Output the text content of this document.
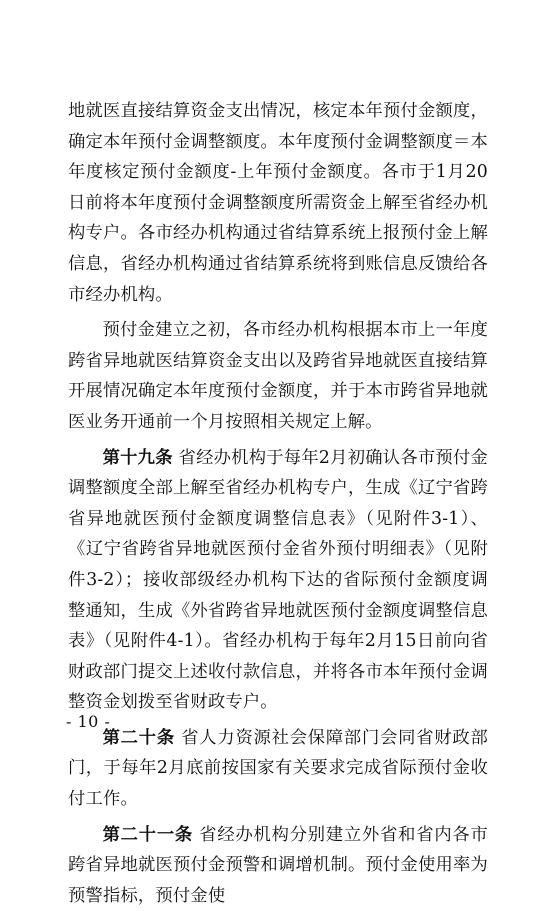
地就医直接结算资金支出情况，核定本年预付金额度，确定本年预付金调整额度。本年度预付金调整额度＝本年度核定预付金额度-上年预付金额度。各市于1月20日前将本年度预付金调整额度所需资金上解至省经办机构专户。各市经办机构通过省结算系统上报预付金上解信息，省经办机构通过省结算系统将到账信息反馈给各市经办机构。

预付金建立之初，各市经办机构根据本市上一年度跨省异地就医结算资金支出以及跨省异地就医直接结算开展情况确定本年度预付金额度，并于本市跨省异地就医业务开通前一个月按照相关规定上解。

第十九条 省经办机构于每年2月初确认各市预付金调整额度全部上解至省经办机构专户，生成《辽宁省跨省异地就医预付金额度调整信息表》（见附件3-1）、《辽宁省跨省异地就医预付金省外预付明细表》（见附件3-2）；接收部级经办机构下达的省际预付金额度调整通知，生成《外省跨省异地就医预付金额度调整信息表》（见附件4-1）。省经办机构于每年2月15日前向省财政部门提交上述收付款信息，并将各市本年预付金调整资金划拨至省财政专户。

第二十条 省人力资源社会保障部门会同省财政部门，于每年2月底前按国家有关要求完成省际预付金收付工作。

第二十一条 省经办机构分别建立外省和省内各市跨省异地就医预付金预警和调增机制。预付金使用率为预警指标，预付金使

- 10 -
